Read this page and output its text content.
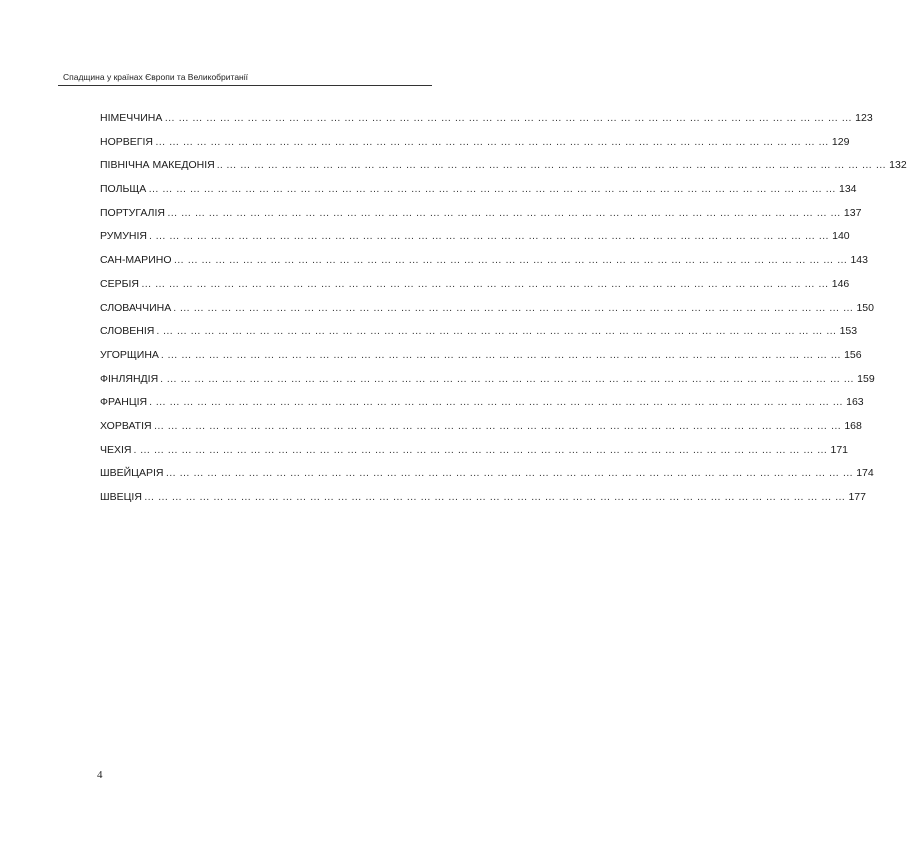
Спадщина у країнах Європи та Великобританії
НІМЕЧЧИНА … … … … … … … … … … … … … … … … … … … … … … … … … … … … … … … … … … … … … … … … … … … … … … … … … … 123
НОРВЕГІЯ … … … … … … … … … … … … … … … … … … … … … … … … … … … … … … … … … … … … … … … … … … … … … … … … … 129
ПІВНІЧНА МАКЕДОНІЯ .. … … … … … … … … … … … … … … … … … … … … … … … … … … … … … … … … … … … … … … … … … … … … … … … … 132
ПОЛЬЩА … … … … … … … … … … … … … … … … … … … … … … … … … … … … … … … … … … … … … … … … … … … … … … … … … … 134
ПОРТУГАЛІЯ … … … … … … … … … … … … … … … … … … … … … … … … … … … … … … … … … … … … … … … … … … … … … … … … … 137
РУМУНІЯ . … … … … … … … … … … … … … … … … … … … … … … … … … … … … … … … … … … … … … … … … … … … … … … … … … 140
САН-МАРИНО … … … … … … … … … … … … … … … … … … … … … … … … … … … … … … … … … … … … … … … … … … … … … … … … … 143
СЕРБІЯ … … … … … … … … … … … … … … … … … … … … … … … … … … … … … … … … … … … … … … … … … … … … … … … … … … 146
СЛОВАЧЧИНА . … … … … … … … … … … … … … … … … … … … … … … … … … … … … … … … … … … … … … … … … … … … … … … … … … 150
СЛОВЕНІЯ . … … … … … … … … … … … … … … … … … … … … … … … … … … … … … … … … … … … … … … … … … … … … … … … … … 153
УГОРЩИНА . … … … … … … … … … … … … … … … … … … … … … … … … … … … … … … … … … … … … … … … … … … … … … … … … … 156
ФІНЛЯНДІЯ . … … … … … … … … … … … … … … … … … … … … … … … … … … … … … … … … … … … … … … … … … … … … … … … … … … 159
ФРАНЦІЯ . … … … … … … … … … … … … … … … … … … … … … … … … … … … … … … … … … … … … … … … … … … … … … … … … … … 163
ХОРВАТІЯ … … … … … … … … … … … … … … … … … … … … … … … … … … … … … … … … … … … … … … … … … … … … … … … … … … 168
ЧЕХІЯ . … … … … … … … … … … … … … … … … … … … … … … … … … … … … … … … … … … … … … … … … … … … … … … … … … … 171
ШВЕЙЦАРІЯ … … … … … … … … … … … … … … … … … … … … … … … … … … … … … … … … … … … … … … … … … … … … … … … … … … 174
ШВЕЦІЯ … … … … … … … … … … … … … … … … … … … … … … … … … … … … … … … … … … … … … … … … … … … … … … … … … … … 177
4
